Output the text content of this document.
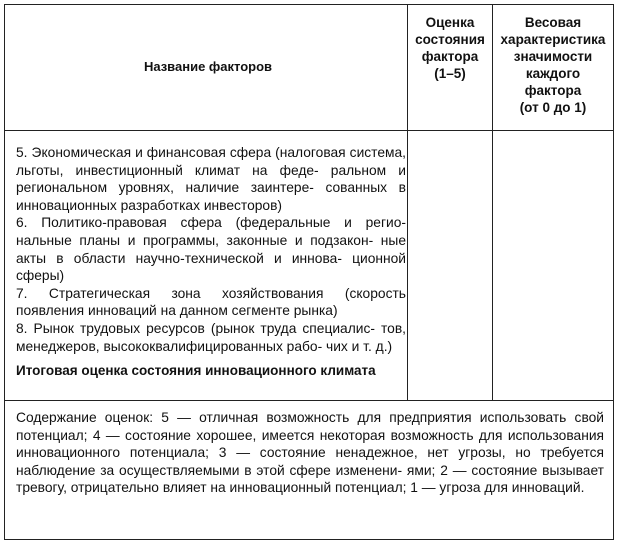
Название факторов
Оценка
состояния
фактора
(1–5)
Весовая
характеристика
значимости
каждого
фактора
(от 0 до 1)

5. Экономическая и финансовая сфера (налоговая система, льготы, инвестиционный климат на феде- ральном и региональном уровнях, наличие заинтере- сованных в инновационных разработках инвесторов)

6. Политико-правовая сфера (федеральные и регио- нальные планы и программы, законные и подзакон- ные акты в области научно-технической и иннова- ционной сферы)

7. Стратегическая зона хозяйствования (скорость появления инноваций на данном сегменте рынка)

8. Рынок трудовых ресурсов (рынок труда специалис- тов, менеджеров, высококвалифицированных рабо- чих и т. д.)

Итоговая оценка состояния инновационного климата

Содержание оценок: 5 — отличная возможность для предприятия использовать свой потенциал; 4 — состояние хорошее, имеется некоторая возможность для использования инновационного потенциала; 3 — состояние ненадежное, нет угрозы, но требуется наблюдение за осуществляемыми в этой сфере изменени- ями; 2 — состояние вызывает тревогу, отрицательно влияет на инновационный потенциал; 1 — угроза для инноваций.
